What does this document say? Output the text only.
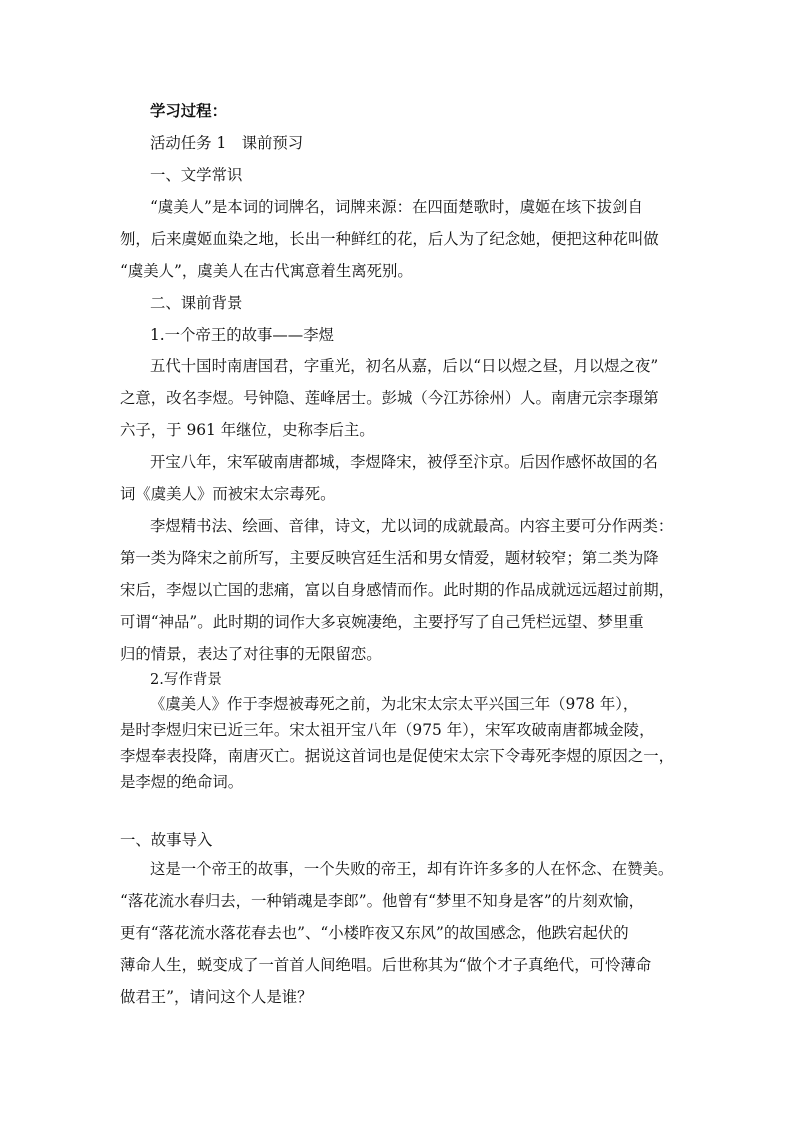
学习过程：
活动任务 1　课前预习
一、文学常识
“虞美人”是本词的词牌名，词牌来源：在四面楚歌时，虞姬在垓下拔剑自
刎，后来虞姬血染之地，长出一种鲜红的花，后人为了纪念她，便把这种花叫做
“虞美人”，虞美人在古代寓意着生离死别。
二、课前背景
1.一个帝王的故事——李煜
五代十国时南唐国君，字重光，初名从嘉，后以“日以煜之昼，月以煜之夜”
之意，改名李煜。号钟隐、莲峰居士。彭城（今江苏徐州）人。南唐元宗李璟第
六子，于 961 年继位，史称李后主。
开宝八年，宋军破南唐都城，李煜降宋，被俘至汴京。后因作感怀故国的名
词《虞美人》而被宋太宗毒死。
李煜精书法、绘画、音律，诗文，尤以词的成就最高。内容主要可分作两类：
第一类为降宋之前所写，主要反映宫廷生活和男女情爱，题材较窄；第二类为降
宋后，李煜以亡国的悲痛，富以自身感情而作。此时期的作品成就远远超过前期，
可谓“神品”。此时期的词作大多哀婉凄绝，主要抒写了自己凭栏远望、梦里重
归的情景，表达了对往事的无限留恋。
2.写作背景
《虞美人》作于李煜被毒死之前，为北宋太宗太平兴国三年（978 年），
是时李煜归宋已近三年。宋太祖开宝八年（975 年），宋军攻破南唐都城金陵，
李煜奉表投降，南唐灭亡。据说这首词也是促使宋太宗下令毒死李煜的原因之一，
是李煜的绝命词。
一、故事导入
这是一个帝王的故事，一个失败的帝王，却有许许多多的人在怀念、在赞美。
“落花流水春归去，一种销魂是李郎”。他曾有“梦里不知身是客”的片刻欢愉，
更有“落花流水落花春去也”、“小楼昨夜又东风”的故国感念，他跌宕起伏的
薄命人生，蜕变成了一首首人间绝唱。后世称其为“做个才子真绝代，可怜薄命
做君王”，请问这个人是谁？
